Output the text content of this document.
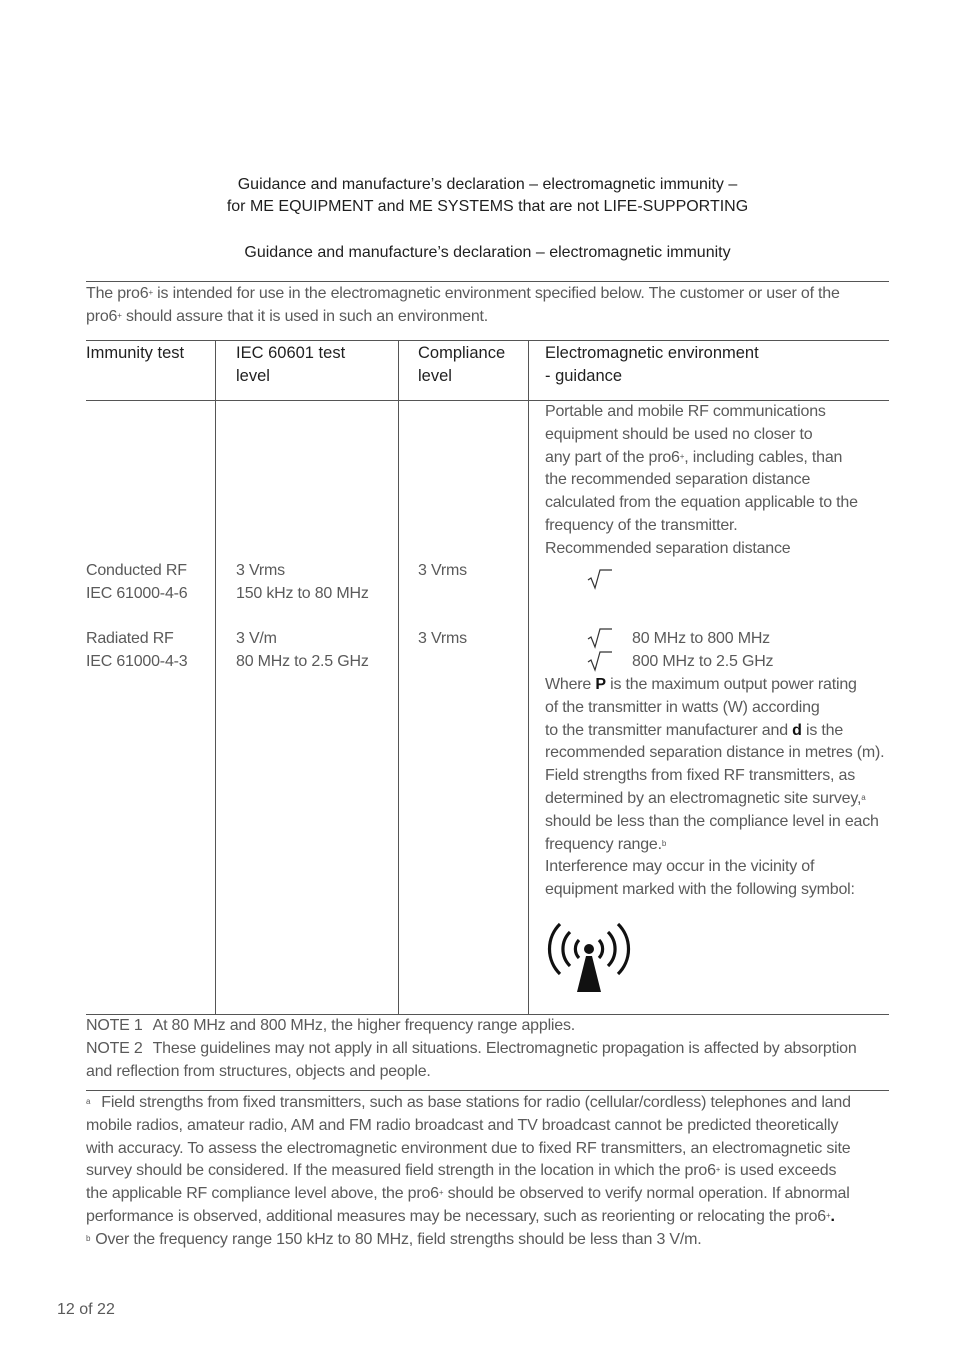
Guidance and manufacture’s declaration – electromagnetic immunity –
for ME EQUIPMENT and ME SYSTEMS that are not LIFE-SUPPORTING
Guidance and manufacture’s declaration – electromagnetic immunity
The pro6+ is intended for use in the electromagnetic environment specified below. The customer or user of the
pro6+ should assure that it is used in such an environment.
Immunity test	IEC 60601 test
level
Compliance
level
Electromagnetic environment
- guidance
Conducted RF
IEC 61000-4-6
3 Vrms
150 kHz to 80 MHz
3 Vrms
Radiated RF
IEC 61000-4-3
3 V/m
80 MHz to 2.5 GHz
3 Vrms
Portable and mobile RF communications
equipment should be used no closer to
any part of the pro6+, including cables, than
the recommended separation distance
calculated from the equation applicable to the
frequency of the transmitter.
Recommended separation distance
80 MHz to 800 MHz
800 MHz to 2.5 GHz
Where P is the maximum output power rating
of the transmitter in watts (W) according
to the transmitter manufacturer and d is the
recommended separation distance in metres (m).
Field strengths from fixed RF transmitters, as
determined by an electromagnetic site survey,$^a$
should be less than the compliance level in each
frequency range.$^b$
Interference may occur in the vicinity of
equipment marked with the following symbol:
NOTE 1 At 80 MHz and 800 MHz, the higher frequency range applies.
NOTE 2 These guidelines may not apply in all situations. Electromagnetic propagation is affected by absorption
and reflection from structures, objects and people.
$^a$ Field strengths from fixed transmitters, such as base stations for radio (cellular/cordless) telephones and land
mobile radios, amateur radio, AM and FM radio broadcast and TV broadcast cannot be predicted theoretically
with accuracy. To assess the electromagnetic environment due to fixed RF transmitters, an electromagnetic site
survey should be considered. If the measured field strength in the location in which the pro6+ is used exceeds
the applicable RF compliance level above, the pro6+ should be observed to verify normal operation. If abnormal
performance is observed, additional measures may be necessary, such as reorienting or relocating the pro6+.
$^b$ Over the frequency range 150 kHz to 80 MHz, field strengths should be less than 3 V/m.
12 of 22
